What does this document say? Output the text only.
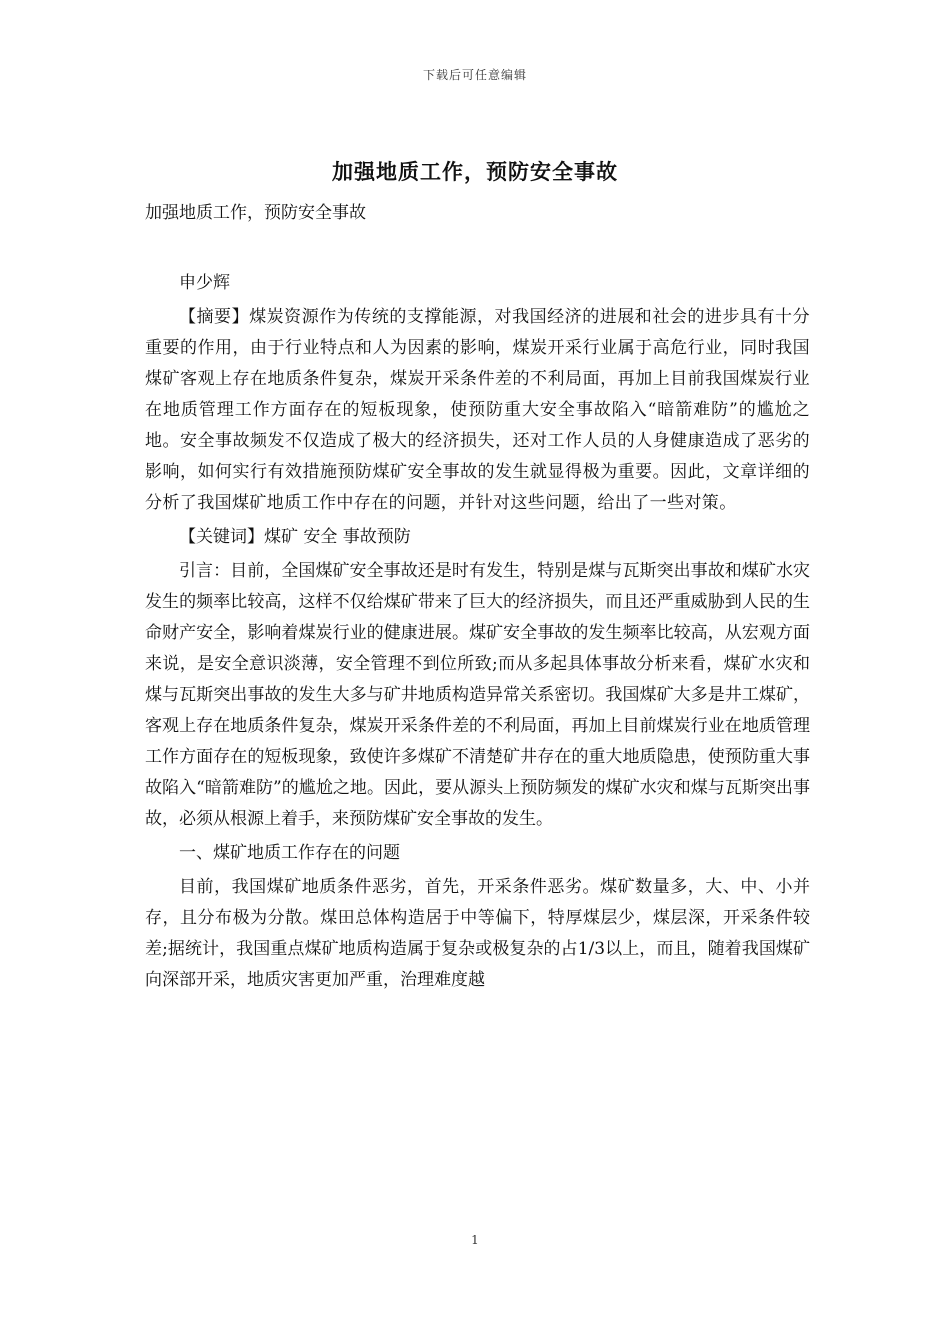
下载后可任意编辑
加强地质工作，预防安全事故

加强地质工作，预防安全事故

申少辉

【摘要】煤炭资源作为传统的支撑能源，对我国经济的进展和社会的进步具有十分重要的作用，由于行业特点和人为因素的影响，煤炭开采行业属于高危行业，同时我国煤矿客观上存在地质条件复杂，煤炭开采条件差的不利局面，再加上目前我国煤炭行业在地质管理工作方面存在的短板现象，使预防重大安全事故陷入“暗箭难防”的尴尬之地。安全事故频发不仅造成了极大的经济损失，还对工作人员的人身健康造成了恶劣的影响，如何实行有效措施预防煤矿安全事故的发生就显得极为重要。因此，文章详细的分析了我国煤矿地质工作中存在的问题，并针对这些问题，给出了一些对策。

【关键词】煤矿 安全 事故预防

引言：目前，全国煤矿安全事故还是时有发生，特别是煤与瓦斯突出事故和煤矿水灾发生的频率比较高，这样不仅给煤矿带来了巨大的经济损失，而且还严重威胁到人民的生命财产安全，影响着煤炭行业的健康进展。煤矿安全事故的发生频率比较高，从宏观方面来说，是安全意识淡薄，安全管理不到位所致;而从多起具体事故分析来看，煤矿水灾和煤与瓦斯突出事故的发生大多与矿井地质构造异常关系密切。我国煤矿大多是井工煤矿，客观上存在地质条件复杂，煤炭开采条件差的不利局面，再加上目前煤炭行业在地质管理工作方面存在的短板现象，致使许多煤矿不清楚矿井存在的重大地质隐患，使预防重大事故陷入“暗箭难防”的尴尬之地。因此，要从源头上预防频发的煤矿水灾和煤与瓦斯突出事故，必须从根源上着手，来预防煤矿安全事故的发生。

一、煤矿地质工作存在的问题

目前，我国煤矿地质条件恶劣，首先，开采条件恶劣。煤矿数量多，大、中、小并存，且分布极为分散。煤田总体构造居于中等偏下，特厚煤层少，煤层深，开采条件较差;据统计，我国重点煤矿地质构造属于复杂或极复杂的占1/3以上，而且，随着我国煤矿向深部开采，地质灾害更加严重，治理难度越

1
